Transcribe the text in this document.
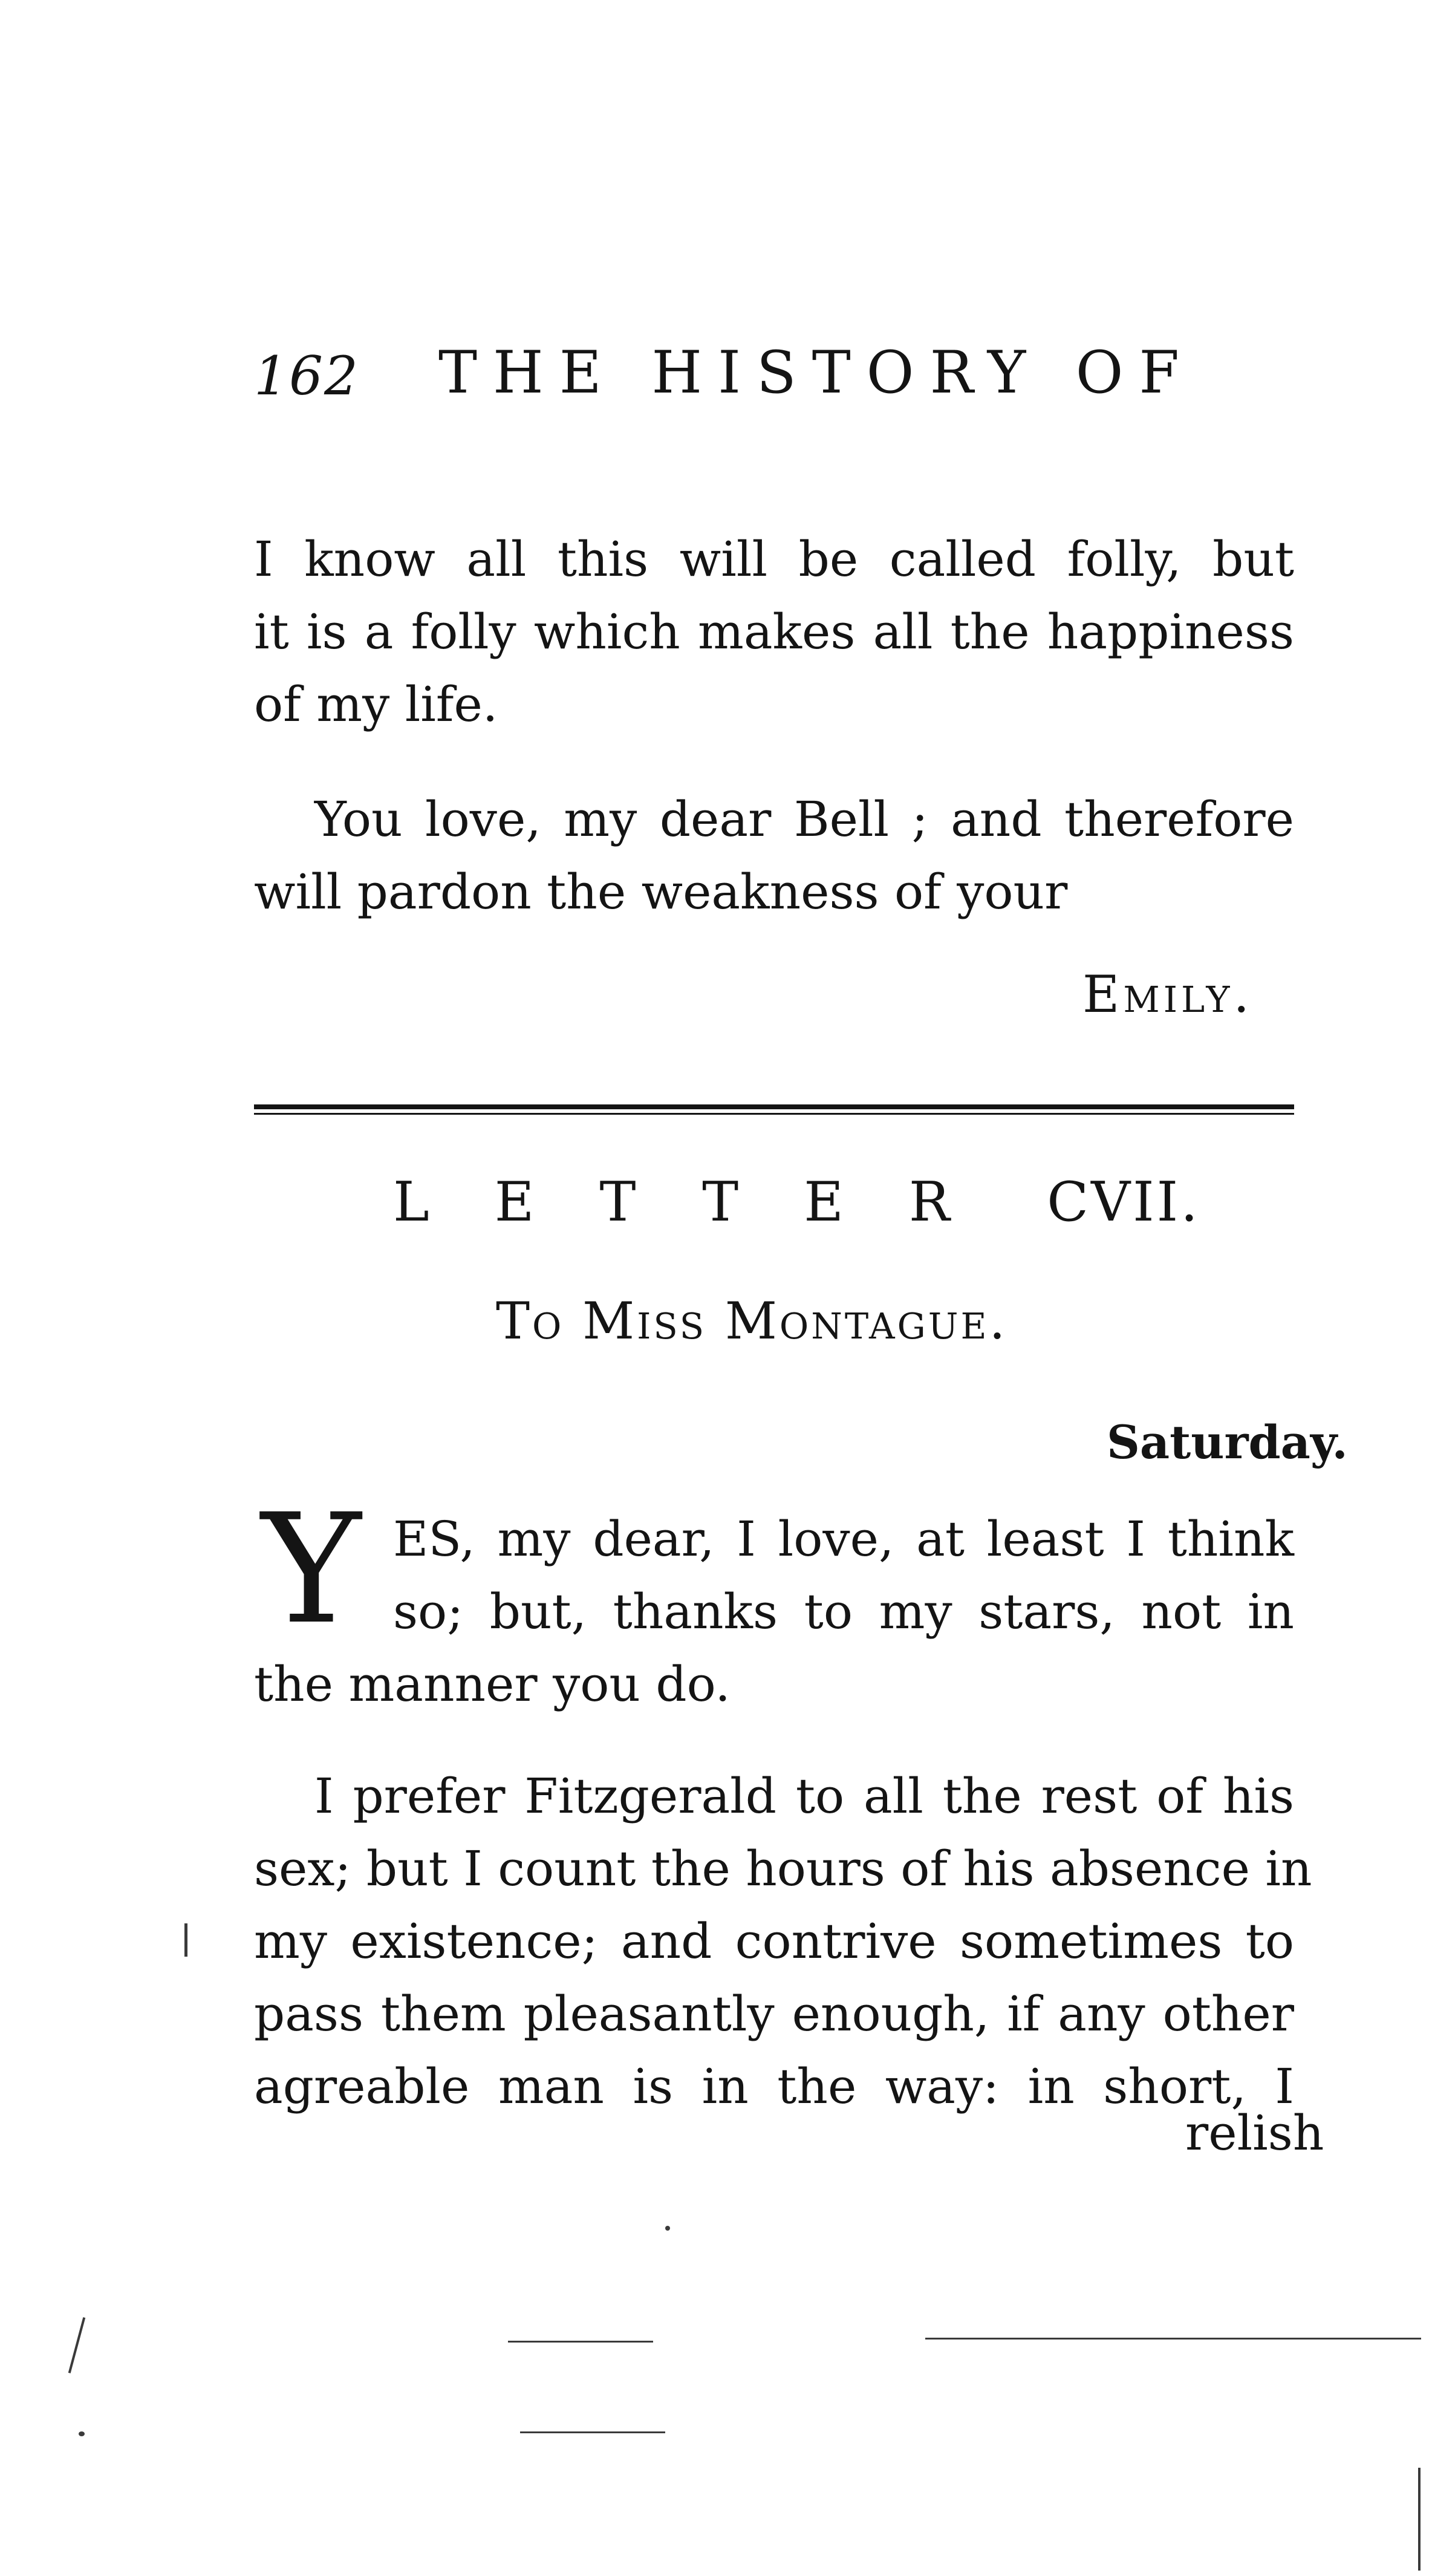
162 THE HISTORY OF
I know all this will be called folly, but
it is a folly which makes all the happiness
of my life.
You love, my dear Bell ; and therefore
will pardon the weakness of your
Emily.
LETTER CVII.
To Miss Montague.
Saturday.
Y ES, my dear, I love, at least I think
so; but, thanks to my stars, not in
the manner you do.
I prefer Fitzgerald to all the rest of his
sex; but I count the hours of his absence in
my existence; and contrive sometimes to
pass them pleasantly enough, if any other
agreable man is in the way: in short, I
relish
